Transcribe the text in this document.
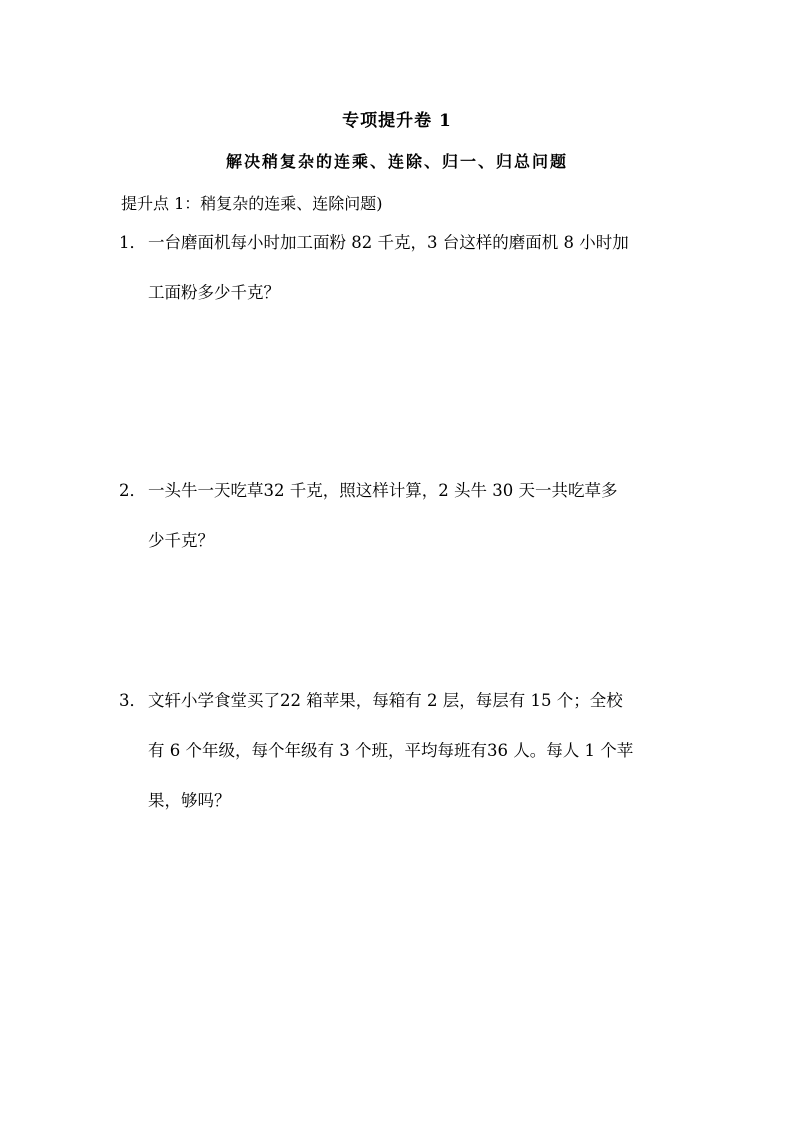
专项提升卷 1
解决稍复杂的连乘、连除、归一、归总问题
提升点 1：稍复杂的连乘、连除问题)
1． 一台磨面机每小时加工面粉 82 千克，3 台这样的磨面机 8 小时加
工面粉多少千克？
2． 一头牛一天吃草32 千克，照这样计算，2 头牛 30 天一共吃草多
少千克？
3． 文轩小学食堂买了22 箱苹果，每箱有 2 层，每层有 15 个；全校
有 6 个年级，每个年级有 3 个班，平均每班有36 人。每人 1 个苹
果，够吗？
